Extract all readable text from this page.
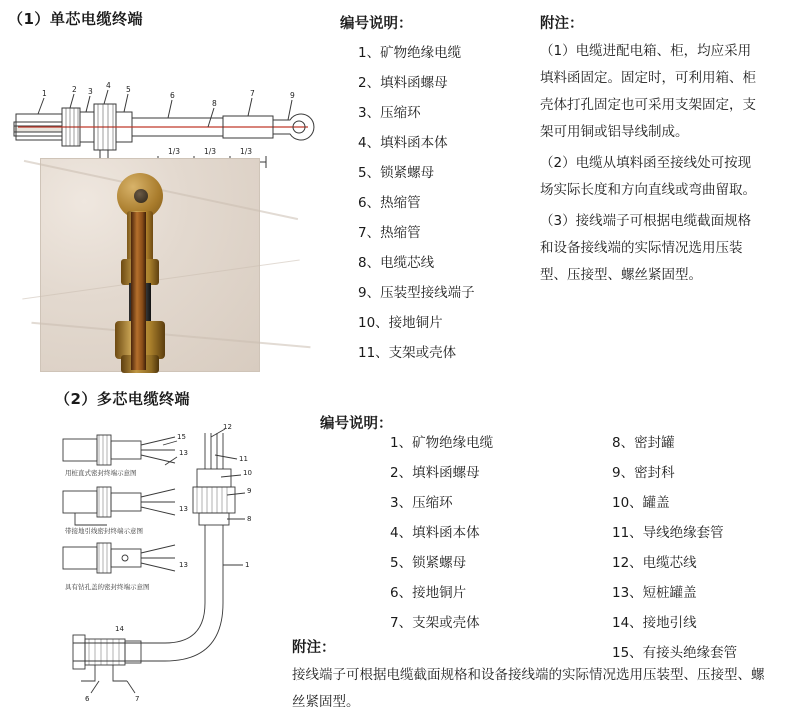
（1）单芯电缆终端
1	2 3
4 5
6
8
7	9
1/3	1/3	1/3
编号说明：
1、矿物绝缘电缆
2、填料函螺母
3、压缩环
4、填料函本体
5、锁紧螺母
6、热缩管
7、热缩管
8、电缆芯线
9、压装型接线端子
10、接地铜片
11、支架或壳体
附注：
（1）电缆进配电箱、柜，均应采用填料函固定。固定时，可利用箱、柜壳体打孔固定也可采用支架固定，支架可用铜或铝导线制成。
（2）电缆从填料函至接线处可按现场实际长度和方向直线或弯曲留取。
（3）接线端子可根据电缆截面规格和设备接线端的实际情况选用压装型、压接型、螺丝紧固型。
（2）多芯电缆终端
12
11
10
9
8
1
13
13
13
6	7
15
14
用桩直式密封终端示意图
带接地引线密封终端示意图
具有钻孔盖的密封终端示意图
编号说明：
1、矿物绝缘电缆
2、填料函螺母
3、压缩环
4、填料函本体
5、锁紧螺母
6、接地铜片
7、支架或壳体
8、密封罐
9、密封科
10、罐盖
11、导线绝缘套管
12、电缆芯线
13、短桩罐盖
14、接地引线
15、有接头绝缘套管
附注：
接线端子可根据电缆截面规格和设备接线端的实际情况选用压装型、压接型、螺丝紧固型。
